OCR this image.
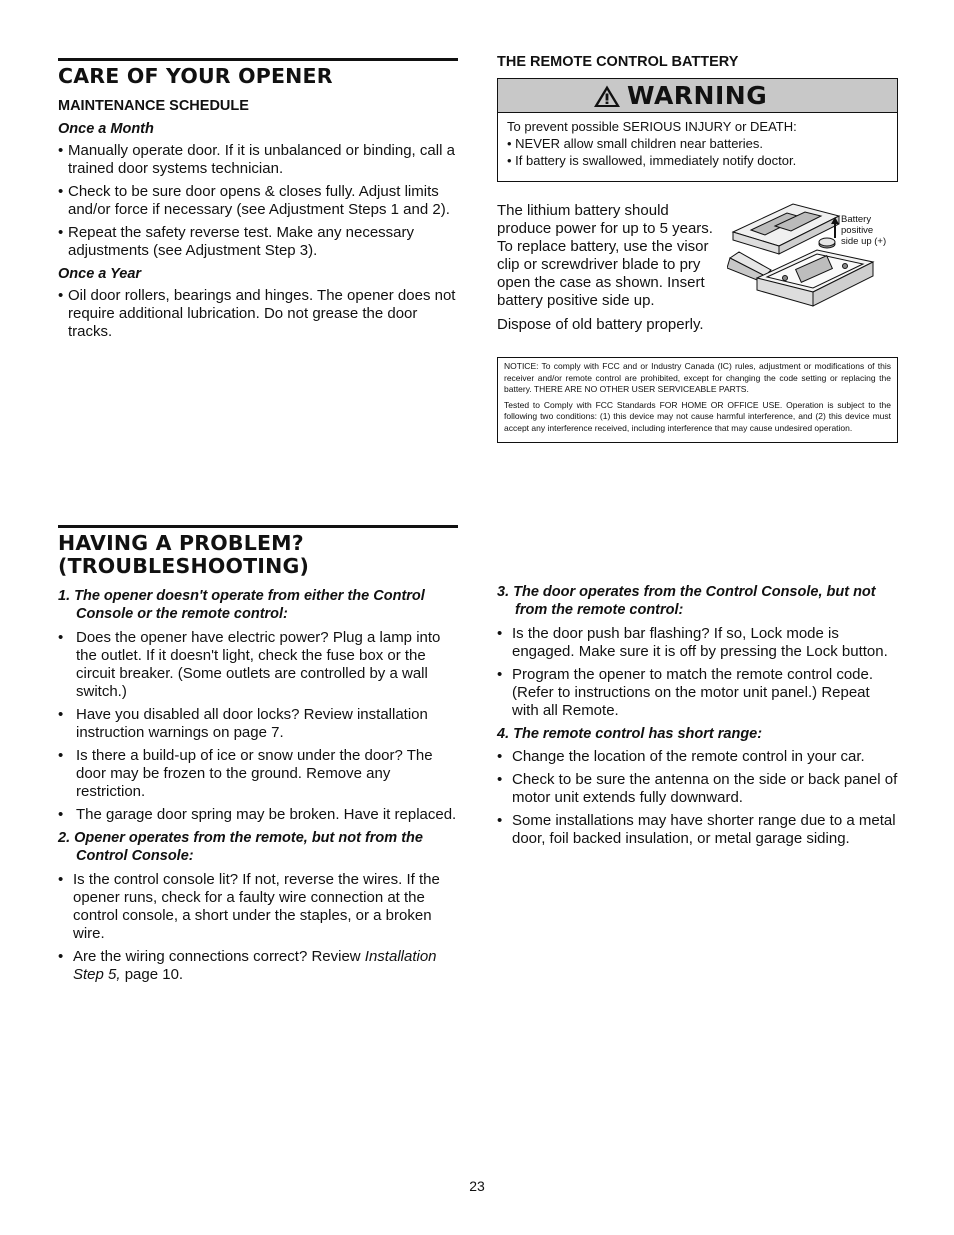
CARE OF YOUR OPENER
MAINTENANCE SCHEDULE
Once a Month
• Manually operate door. If it is unbalanced or binding, call a trained door systems technician.
• Check to be sure door opens & closes fully. Adjust limits and/or force if necessary (see Adjustment Steps 1 and 2).
• Repeat the safety reverse test. Make any necessary adjustments (see Adjustment Step 3).
Once a Year
• Oil door rollers, bearings and hinges. The opener does not require additional lubrication. Do not grease the door tracks.
THE REMOTE CONTROL BATTERY
WARNING
To prevent possible SERIOUS INJURY or DEATH:
• NEVER allow small children near batteries.
• If battery is swallowed, immediately notify doctor.
The lithium battery should produce power for up to 5 years. To replace battery, use the visor clip or screwdriver blade to pry open the case as shown. Insert battery positive side up.
Dispose of old battery properly.
Battery
positive
side up (+)

NOTICE: To comply with FCC and or Industry Canada (IC) rules, adjustment or modifications of this receiver and/or remote control are prohibited, except for changing the code setting or replacing the battery. THERE ARE NO OTHER USER SERVICEABLE PARTS.

Tested to Comply with FCC Standards FOR HOME OR OFFICE USE. Operation is subject to the following two conditions: (1) this device may not cause harmful interference, and (2) this device must accept any interference received, including interference that may cause undesired operation.

HAVING A PROBLEM?
(TROUBLESHOOTING)
1. The opener doesn't operate from either the Control Console or the remote control:
• Does the opener have electric power? Plug a lamp into the outlet. If it doesn't light, check the fuse box or the circuit breaker. (Some outlets are controlled by a wall switch.)
• Have you disabled all door locks? Review installation instruction warnings on page 7.
• Is there a build-up of ice or snow under the door? The door may be frozen to the ground. Remove any restriction.
• The garage door spring may be broken. Have it replaced.
2. Opener operates from the remote, but not from the Control Console:
• Is the control console lit? If not, reverse the wires. If the opener runs, check for a faulty wire connection at the control console, a short under the staples, or a broken wire.
• Are the wiring connections correct? Review Installation Step 5, page 10.
3. The door operates from the Control Console, but not from the remote control:
• Is the door push bar flashing? If so, Lock mode is engaged. Make sure it is off by pressing the Lock button.
• Program the opener to match the remote control code. (Refer to instructions on the motor unit panel.) Repeat with all Remote.
4. The remote control has short range:
• Change the location of the remote control in your car.
• Check to be sure the antenna on the side or back panel of motor unit extends fully downward.
• Some installations may have shorter range due to a metal door, foil backed insulation, or metal garage siding.
23
